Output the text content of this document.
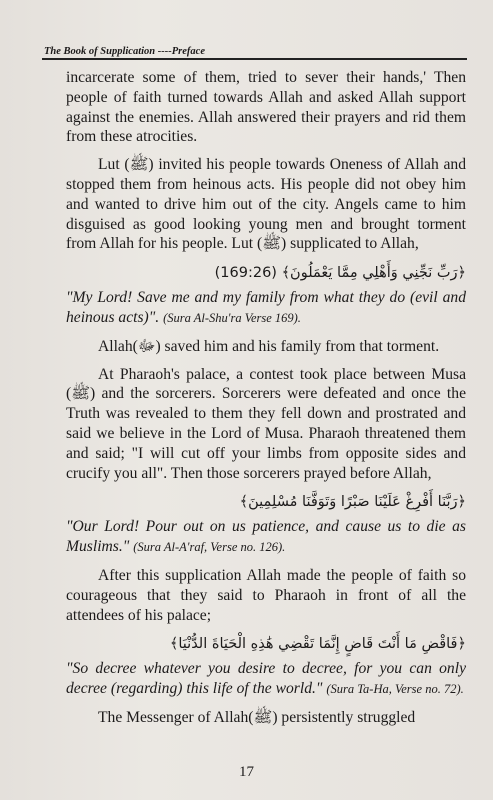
The Book of Supplication ----Preface

incarcerate some of them, tried to sever their hands,' Then people of faith turned towards Allah and asked Allah support against the enemies. Allah answered their prayers and rid them from these atrocities.

Lut (ﷺ) invited his people towards Oneness of Allah and stopped them from heinous acts. His people did not obey him and wanted to drive him out of the city. Angels came to him disguised as good looking young men and brought torment from Allah for his people. Lut (ﷺ) supplicated to Allah,

﴿رَبِّ نَجِّنِي وَأَهْلِي مِمَّا يَعْمَلُونَ﴾ (169:26)

"My Lord! Save me and my family from what they do (evil and heinous acts)". (Sura Al-Shu'ra Verse 169).

Allah(ﷻ) saved him and his family from that torment.

At Pharaoh's palace, a contest took place between Musa (ﷺ) and the sorcerers. Sorcerers were defeated and once the Truth was revealed to them they fell down and prostrated and said we believe in the Lord of Musa. Pharaoh threatened them and said; "I will cut off your limbs from opposite sides and crucify you all". Then those sorcerers prayed before Allah,

﴿رَبَّنَا أَفْرِغْ عَلَيْنَا صَبْرًا وَتَوَفَّنَا مُسْلِمِينَ﴾

"Our Lord! Pour out on us patience, and cause us to die as Muslims." (Sura Al-A'raf, Verse no. 126).

After this supplication Allah made the people of faith so courageous that they said to Pharaoh in front of all the attendees of his palace;

﴿فَاقْضِ مَا أَنْتَ قَاضٍ إِنَّمَا تَقْضِي هَٰذِهِ الْحَيَاةَ الدُّنْيَا﴾

"So decree whatever you desire to decree, for you can only decree (regarding) this life of the world." (Sura Ta-Ha, Verse no. 72).

The Messenger of Allah(ﷺ) persistently struggled

17
